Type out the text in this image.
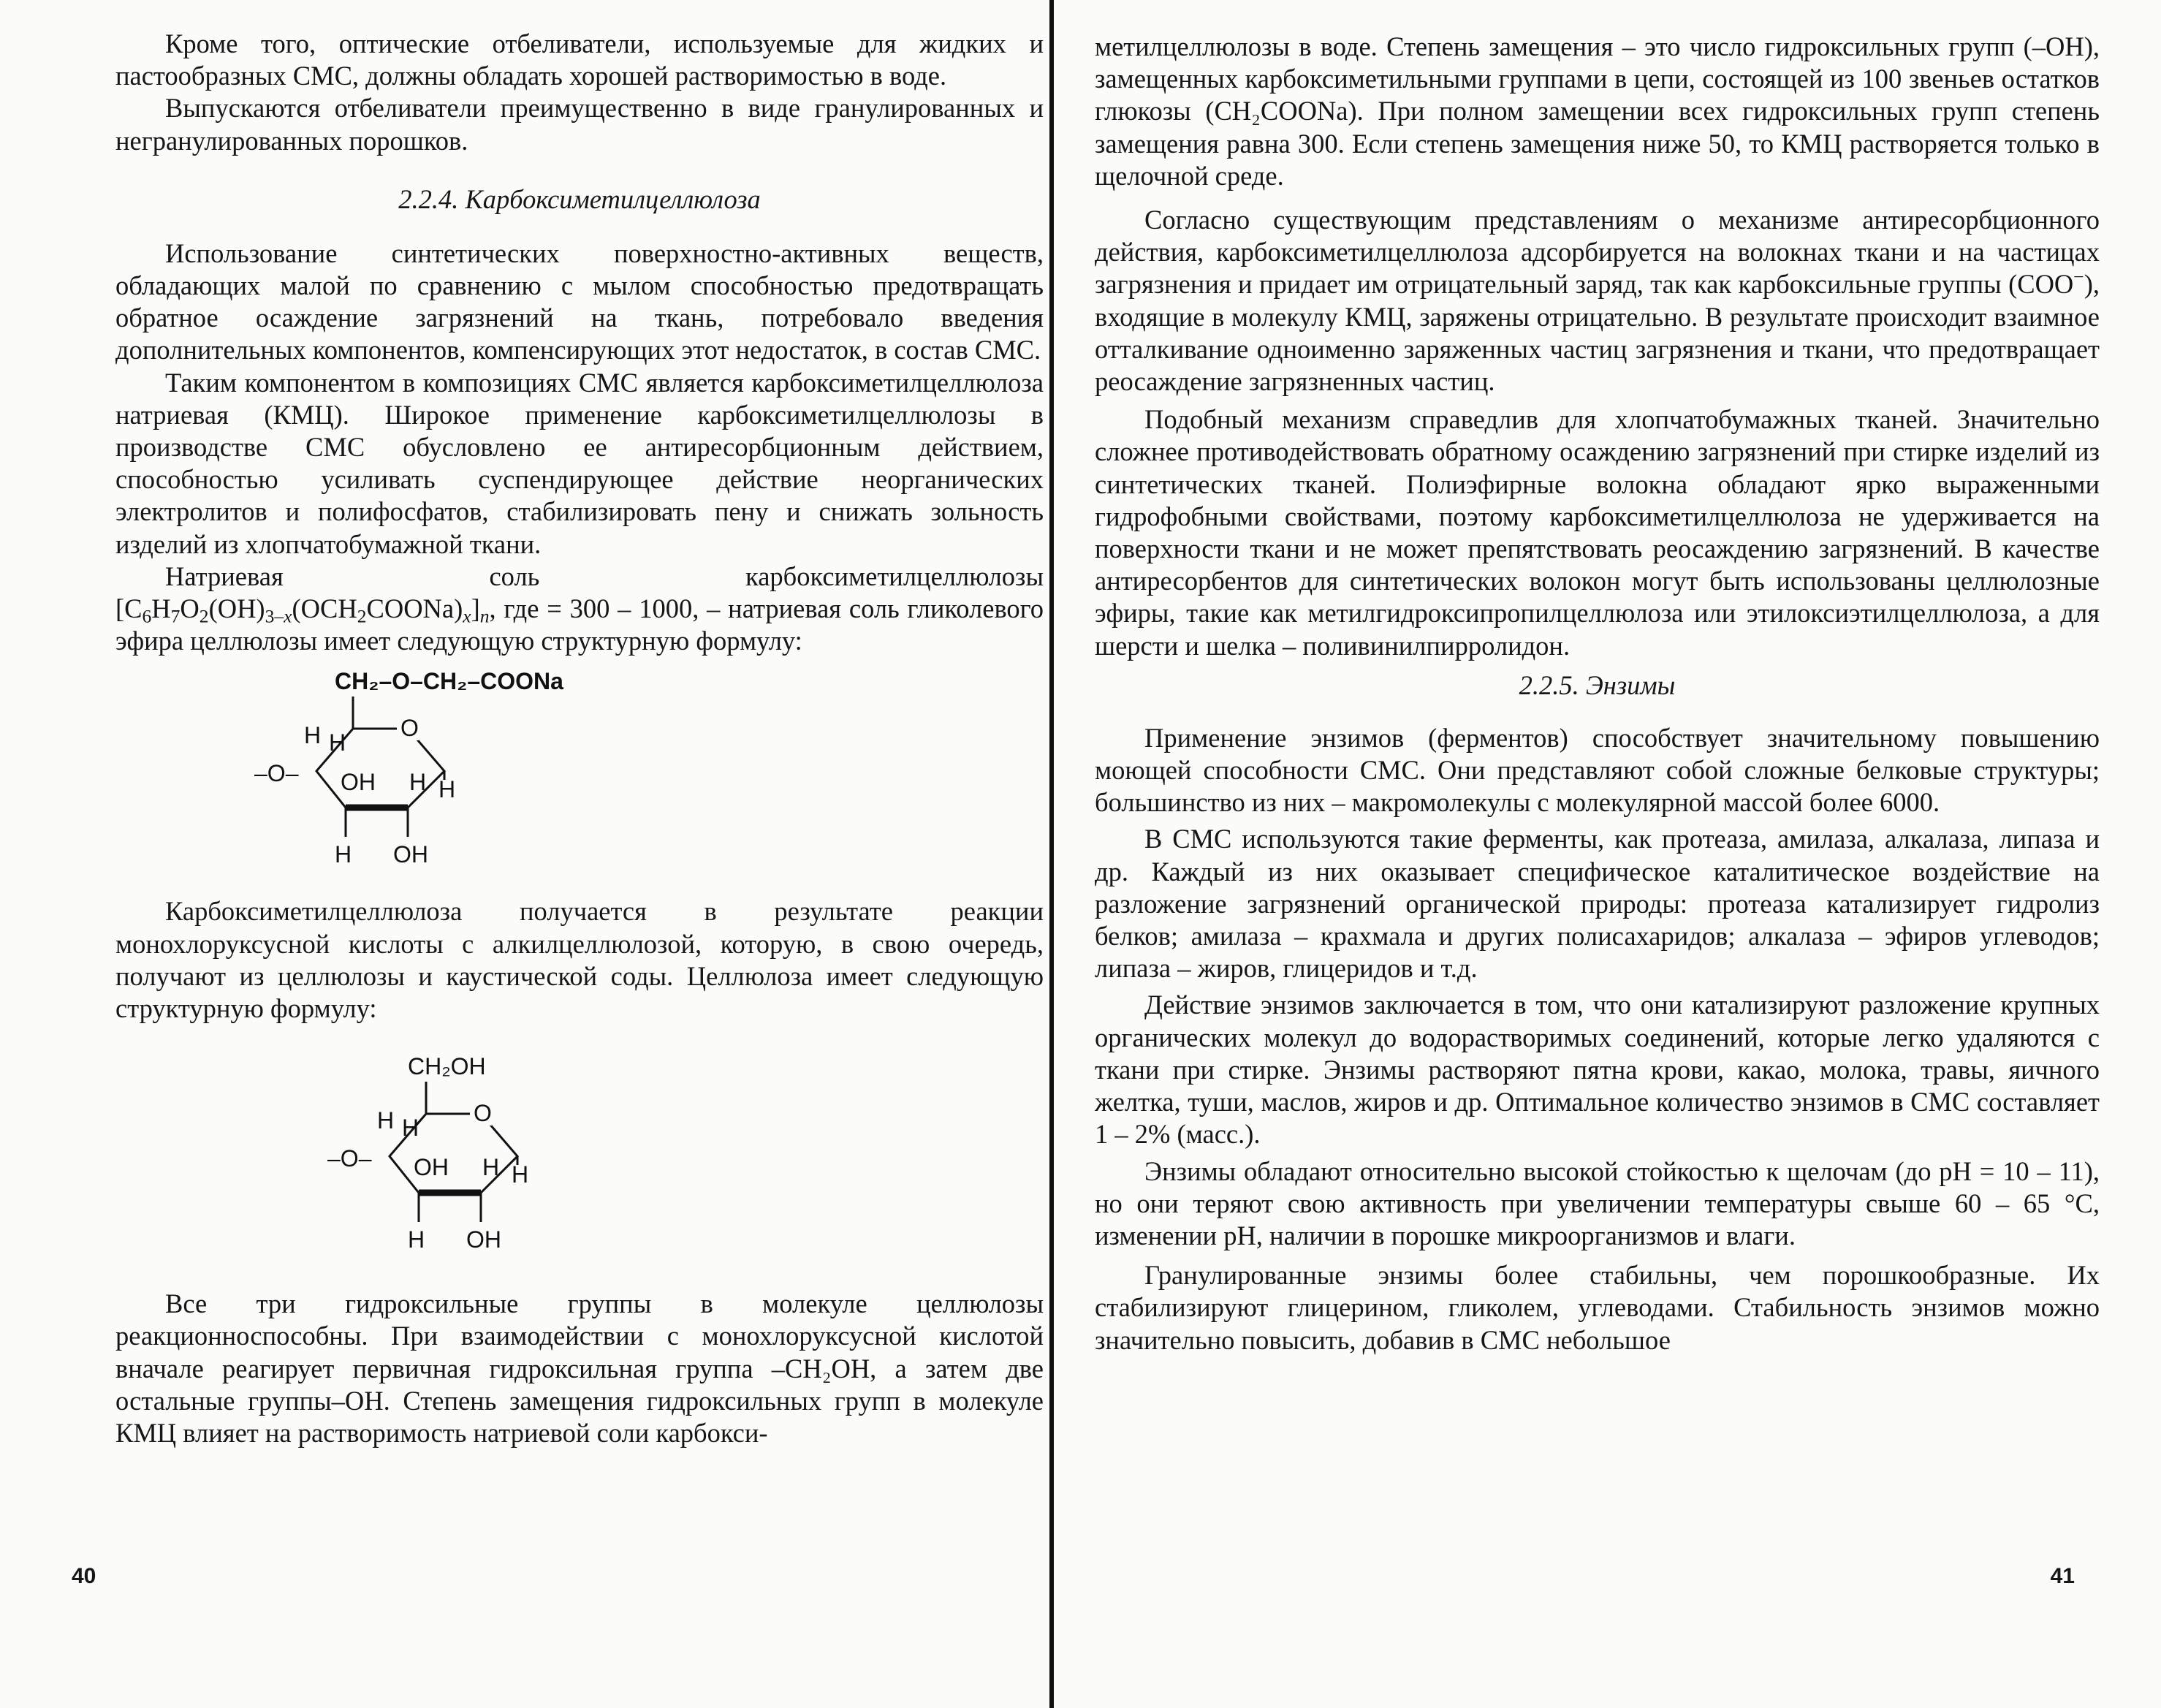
Кроме того, оптические отбеливатели, используемые для жидких и пастообразных СМС, должны обладать хорошей растворимостью в воде.

Выпускаются отбеливатели преимущественно в виде гранулированных и негранулированных порошков.

2.2.4. Карбоксиметилцеллюлоза

Использование синтетических поверхностно-активных веществ, обладающих малой по сравнению с мылом способностью предотвращать обратное осаждение загрязнений на ткань, потребовало введения дополнительных компонентов, компенсирующих этот недостаток, в состав СМС.

Таким компонентом в композициях СМС является карбоксиметилцеллюлоза натриевая (КМЦ). Широкое применение карбоксиметилцеллюлозы в производстве СМС обусловлено ее антиресорбционным действием, способностью усиливать суспендирующее действие неорганических электролитов и полифосфатов, стабилизировать пену и снижать зольность изделий из хлопчатобумажной ткани.

Натриевая соль карбоксиметилцеллюлозы

$[C_6H_7O_2(OH)_{3-x}(OCH_2COONa)_x]_n$, где = 300 – 1000, – натриевая соль гликолевого эфира целлюлозы имеет следующую структурную формулу:

CH₂–O–CH₂–COONa
O
H H
OH H H
–O–
H OH

Карбоксиметилцеллюлоза получается в результате реакции монохлоруксусной кислоты с алкилцеллюлозой, которую, в свою очередь, получают из целлюлозы и каустической соды. Целлюлоза имеет следующую структурную формулу:

CH₂OH
O
H H
OH H H
–O–
H OH

Все три гидроксильные группы в молекуле целлюлозы реакционноспособны. При взаимодействии с монохлоруксусной кислотой вначале реагирует первичная гидроксильная группа –CH₂OH, а затем две остальные группы–OH. Степень замещения гидроксильных групп в молекуле КМЦ влияет на растворимость натриевой соли карбокси-

40

метилцеллюлозы в воде. Степень замещения – это число гидроксильных групп (–OH), замещенных карбоксиметильными группами в цепи, состоящей из 100 звеньев остатков глюкозы (CH₂COONa). При полном замещении всех гидроксильных групп степень замещения равна 300. Если степень замещения ниже 50, то КМЦ растворяется только в щелочной среде.

Согласно существующим представлениям о механизме антиресорбционного действия, карбоксиметилцеллюлоза адсорбируется на волокнах ткани и на частицах загрязнения и придает им отрицательный заряд, так как карбоксильные группы (COO−), входящие в молекулу КМЦ, заряжены отрицательно. В результате происходит взаимное отталкивание одноименно заряженных частиц загрязнения и ткани, что предотвращает реосаждение загрязненных частиц.

Подобный механизм справедлив для хлопчатобумажных тканей. Значительно сложнее противодействовать обратному осаждению загрязнений при стирке изделий из синтетических тканей. Полиэфирные волокна обладают ярко выраженными гидрофобными свойствами, поэтому карбоксиметилцеллюлоза не удерживается на поверхности ткани и не может препятствовать реосаждению загрязнений. В качестве антиресорбентов для синтетических волокон могут быть использованы целлюлозные эфиры, такие как метилгидроксипропилцеллюлоза или этилоксиэтилцеллюлоза, а для шерсти и шелка – поливинилпирролидон.

2.2.5. Энзимы

Применение энзимов (ферментов) способствует значительному повышению моющей способности СМС. Они представляют собой сложные белковые структуры; большинство из них – макромолекулы с молекулярной массой более 6000.

В СМС используются такие ферменты, как протеаза, амилаза, алкалаза, липаза и др. Каждый из них оказывает специфическое каталитическое воздействие на разложение загрязнений органической природы: протеаза катализирует гидролиз белков; амилаза – крахмала и других полисахаридов; алкалаза – эфиров углеводов; липаза – жиров, глицеридов и т.д.

Действие энзимов заключается в том, что они катализируют разложение крупных органических молекул до водорастворимых соединений, которые легко удаляются с ткани при стирке. Энзимы растворяют пятна крови, какао, молока, травы, яичного желтка, туши, маслов, жиров и др. Оптимальное количество энзимов в СМС составляет 1 – 2% (масс.).

Энзимы обладают относительно высокой стойкостью к щелочам (до pH = 10 – 11), но они теряют свою активность при увеличении температуры свыше 60 – 65 °C, изменении pH, наличии в порошке микроорганизмов и влаги.

Гранулированные энзимы более стабильны, чем порошкообразные. Их стабилизируют глицерином, гликолем, углеводами. Стабильность энзимов можно значительно повысить, добавив в СМС небольшое

41
